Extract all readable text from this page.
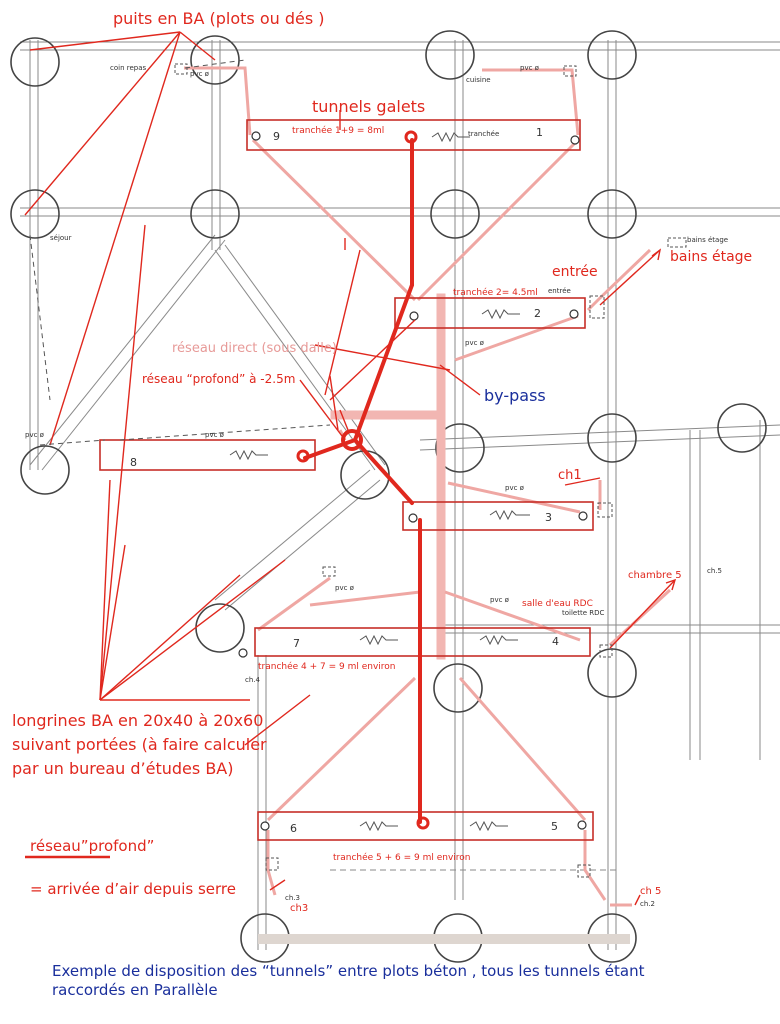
puits en BA (plots ou dés )
tunnels galets
entrée
bains étage
réseau direct (sous dalle)
réseau “profond” à -2.5m
by-pass
ch1
chambre 5
salle d'eau RDC
longrines BA en 20x40 à 20x60
suivant portées (à faire calculer
par un bureau d’études BA)
réseau”profond”
= arrivée d’air depuis serre
ch3
ch 5
tranchée 1+9 = 8ml
9	1
tranchée 2= 4.5ml
2
8
3
7	4
tranchée 4 + 7 = 9 ml environ
6	5
tranchée 5 + 6 = 9 ml environ
coin repas
cuisine
séjour	bains étage
entrée
toilette RDC
ch.5
ch.4
ch.3
ch.2
pvc ø
pvc ø
pvc ø	pvc ø
pvc ø
pvc ø
pvc ø
pvc ø
tranchée
Exemple de disposition des “tunnels” entre plots béton , tous les tunnels étant
raccordés en Parallèle
